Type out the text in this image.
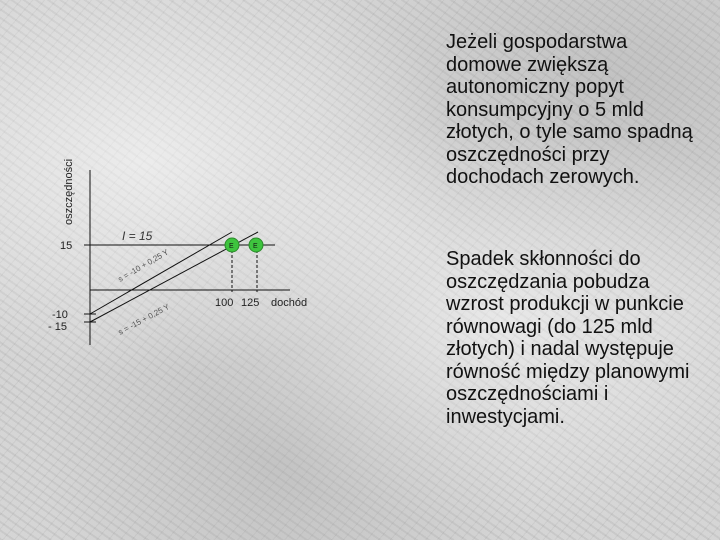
s = -10 + 0,25 Y
s = -15 + 0,25 Y
E	E
I = 15
15
-10
- 15
100 125 dochód
oszczędności

Jeżeli gospodarstwa domowe zwiększą autonomiczny popyt konsumpcyjny o 5 mld złotych, o tyle samo spadną oszczędności przy dochodach zerowych.

Spadek skłonności do oszczędzania pobudza wzrost produkcji w punkcie równowagi (do 125 mld złotych) i nadal występuje równość między planowymi oszczędnościami i inwestycjami.
